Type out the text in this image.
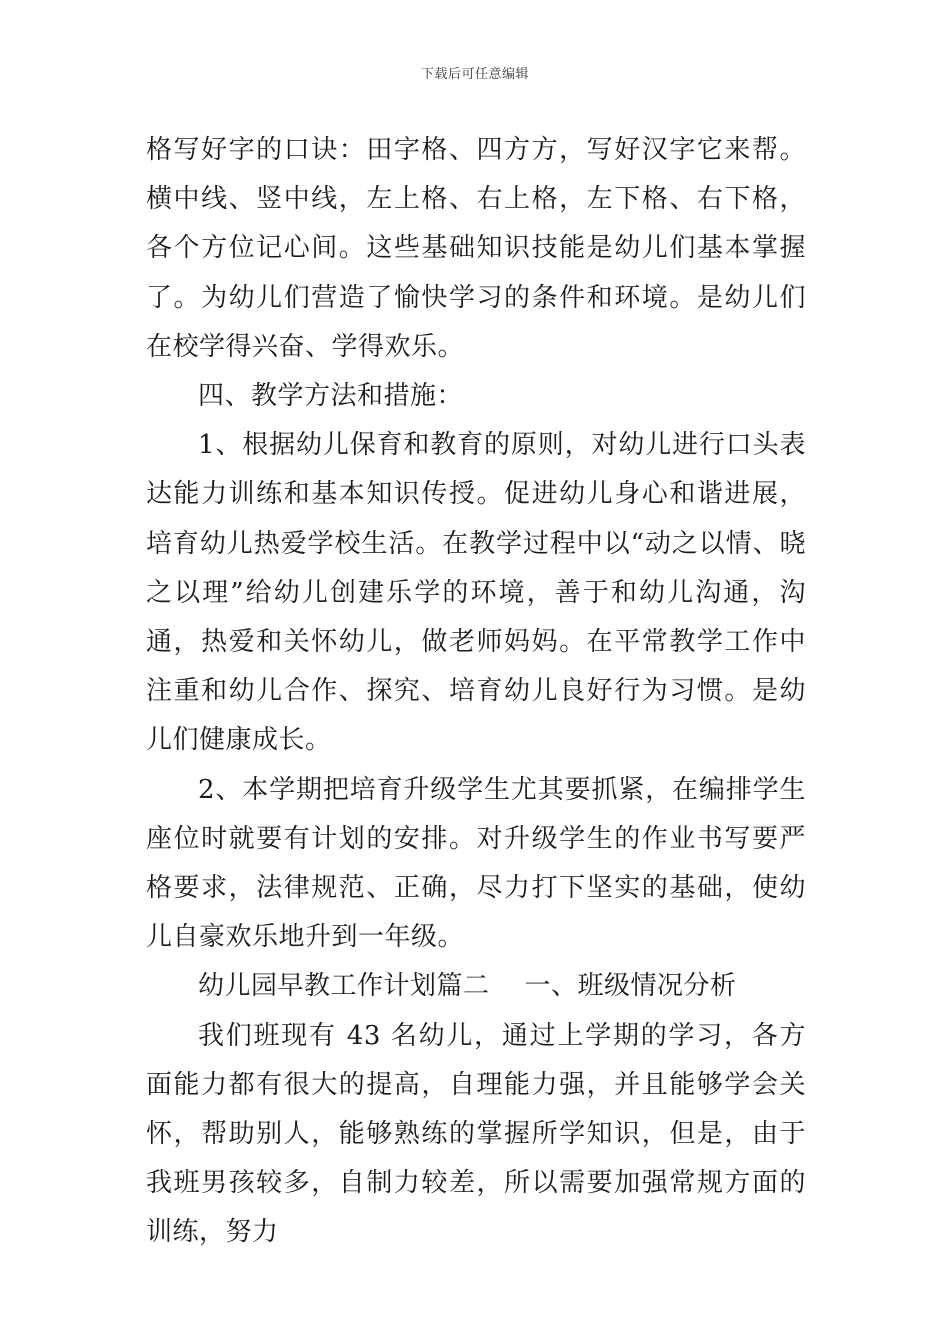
下载后可任意编辑

格写好字的口诀：田字格、四方方，写好汉字它来帮。横中线、竖中线，左上格、右上格，左下格、右下格，各个方位记心间。这些基础知识技能是幼儿们基本掌握了。为幼儿们营造了愉快学习的条件和环境。是幼儿们在校学得兴奋、学得欢乐。

四、教学方法和措施：

1、根据幼儿保育和教育的原则，对幼儿进行口头表达能力训练和基本知识传授。促进幼儿身心和谐进展，培育幼儿热爱学校生活。在教学过程中以“动之以情、晓之以理”给幼儿创建乐学的环境，善于和幼儿沟通，沟通，热爱和关怀幼儿，做老师妈妈。在平常教学工作中注重和幼儿合作、探究、培育幼儿良好行为习惯。是幼儿们健康成长。

2、本学期把培育升级学生尤其要抓紧，在编排学生座位时就要有计划的安排。对升级学生的作业书写要严格要求，法律规范、正确，尽力打下坚实的基础，使幼儿自豪欢乐地升到一年级。

幼儿园早教工作计划篇二    一、班级情况分析

我们班现有 43 名幼儿，通过上学期的学习，各方面能力都有很大的提高，自理能力强，并且能够学会关怀，帮助别人，能够熟练的掌握所学知识，但是，由于我班男孩较多，自制力较差，所以需要加强常规方面的训练，努力
